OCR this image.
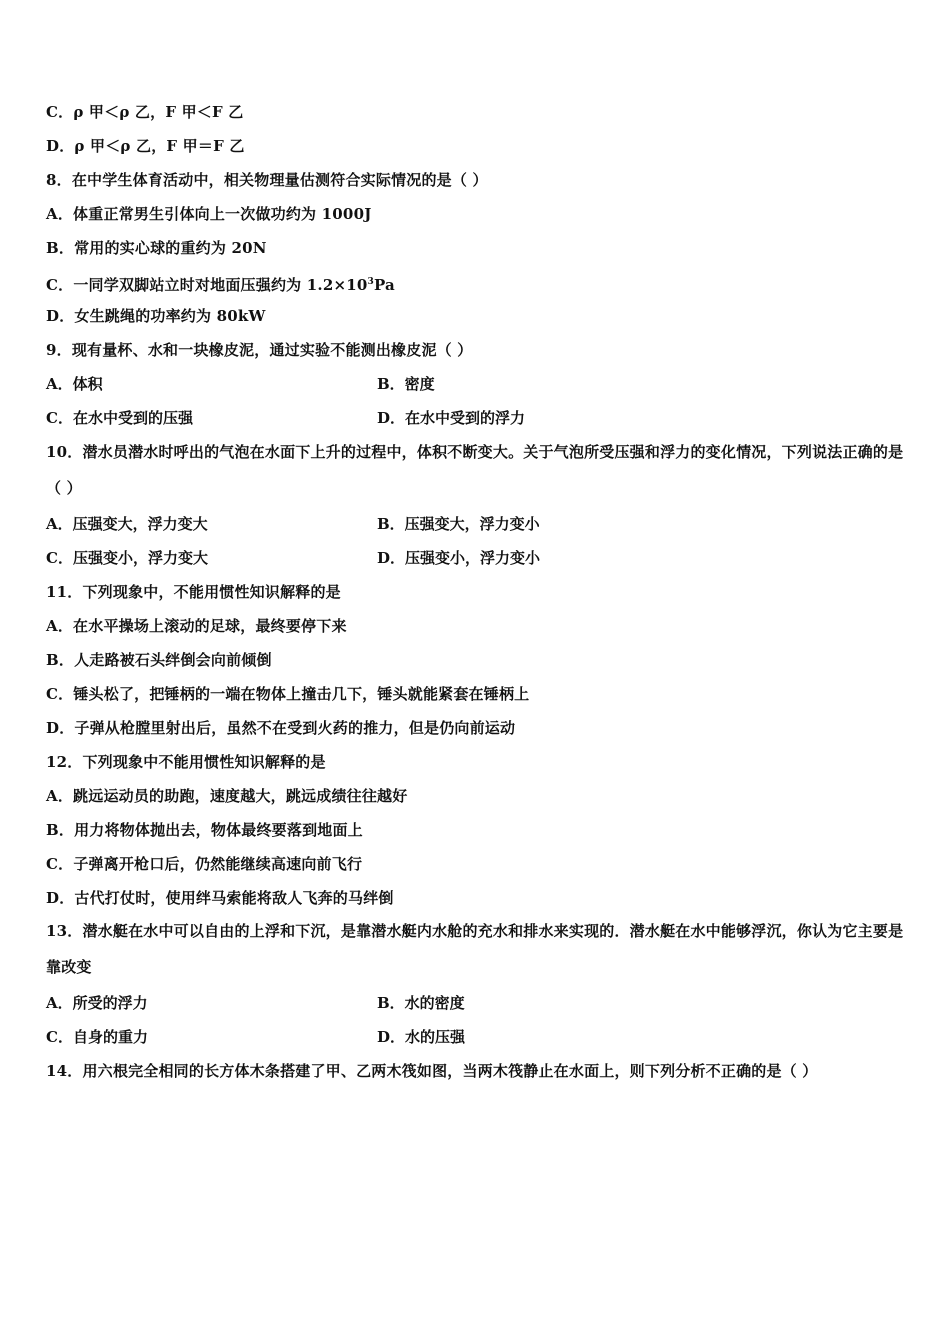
C．ρ 甲＜ρ 乙，F 甲＜F 乙
D．ρ 甲＜ρ 乙，F 甲＝F 乙
8．在中学生体育活动中，相关物理量估测符合实际情况的是（ ）
A．体重正常男生引体向上一次做功约为 1000J
B．常用的实心球的重约为 20N
C．一同学双脚站立时对地面压强约为 $1.2\times 10^3Pa$
D．女生跳绳的功率约为 80kW
9．现有量杯、水和一块橡皮泥，通过实验不能测出橡皮泥（ ）
A．体积	B．密度
C．在水中受到的压强	D．在水中受到的浮力
10．潜水员潜水时呼出的气泡在水面下上升的过程中，体积不断变大。关于气泡所受压强和浮力的变化情况，下列说法正确的是（ ）
A．压强变大，浮力变大	B．压强变大，浮力变小
C．压强变小，浮力变大	D．压强变小，浮力变小
11．下列现象中，不能用惯性知识解释的是
A．在水平操场上滚动的足球，最终要停下来
B．人走路被石头绊倒会向前倾倒
C．锤头松了，把锤柄的一端在物体上撞击几下，锤头就能紧套在锤柄上
D．子弹从枪膛里射出后，虽然不在受到火药的推力，但是仍向前运动
12．下列现象中不能用惯性知识解释的是
A．跳远运动员的助跑，速度越大，跳远成绩往往越好
B．用力将物体抛出去，物体最终要落到地面上
C．子弹离开枪口后，仍然能继续高速向前飞行
D．古代打仗时，使用绊马索能将敌人飞奔的马绊倒
13．潜水艇在水中可以自由的上浮和下沉，是靠潜水艇内水舱的充水和排水来实现的．潜水艇在水中能够浮沉，你认为它主要是靠改变
A．所受的浮力	B．水的密度
C．自身的重力	D．水的压强
14．用六根完全相同的长方体木条搭建了甲、乙两木筏如图，当两木筏静止在水面上，则下列分析不正确的是（ ）
